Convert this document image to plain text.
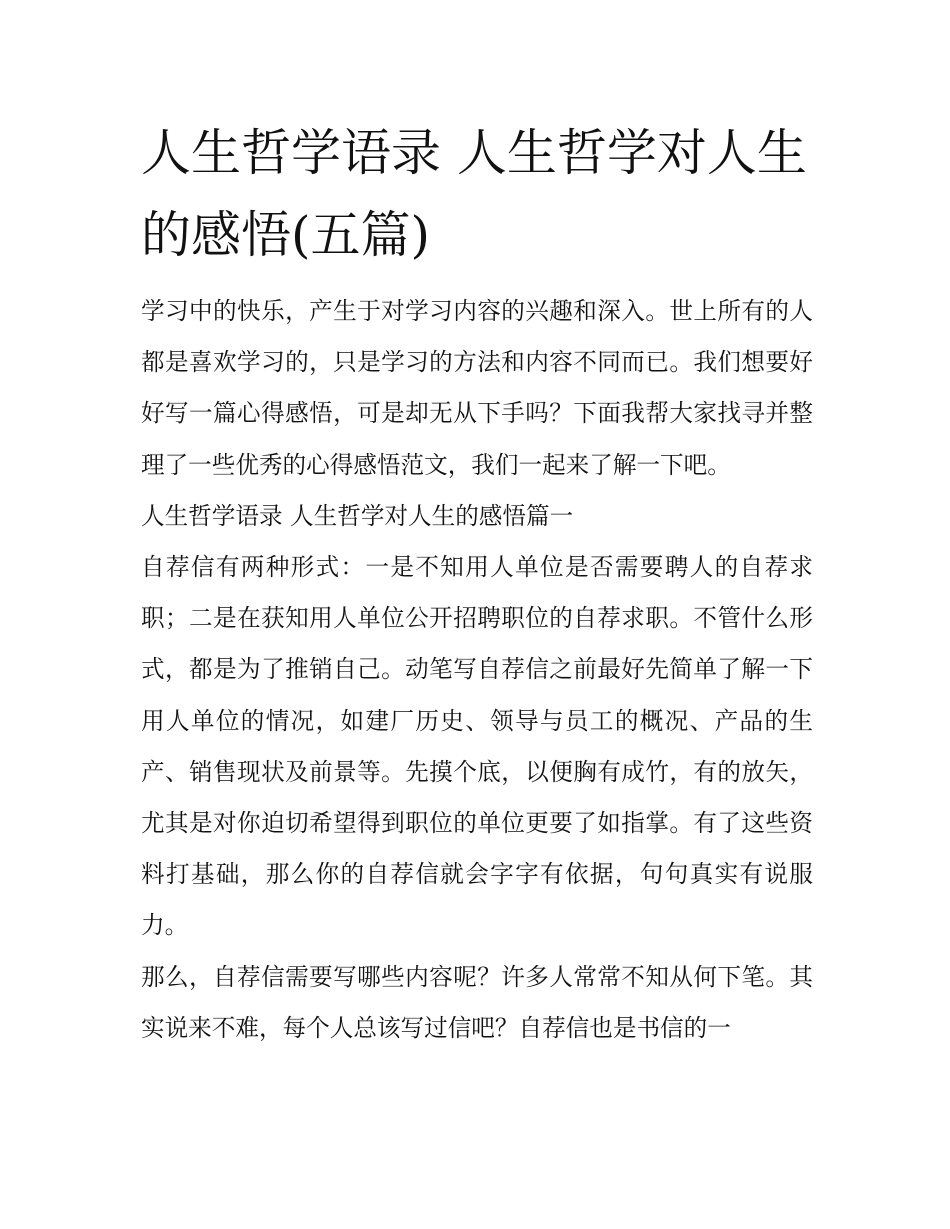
人生哲学语录 人生哲学对人生的感悟(五篇)

学习中的快乐，产生于对学习内容的兴趣和深入。世上所有的人都是喜欢学习的，只是学习的方法和内容不同而已。我们想要好好写一篇心得感悟，可是却无从下手吗？下面我帮大家找寻并整理了一些优秀的心得感悟范文，我们一起来了解一下吧。

人生哲学语录 人生哲学对人生的感悟篇一

自荐信有两种形式：一是不知用人单位是否需要聘人的自荐求职；二是在获知用人单位公开招聘职位的自荐求职。不管什么形式，都是为了推销自己。动笔写自荐信之前最好先简单了解一下用人单位的情况，如建厂历史、领导与员工的概况、产品的生产、销售现状及前景等。先摸个底，以便胸有成竹，有的放矢，尤其是对你迫切希望得到职位的单位更要了如指掌。有了这些资料打基础，那么你的自荐信就会字字有依据，句句真实有说服力。

那么，自荐信需要写哪些内容呢？许多人常常不知从何下笔。其实说来不难，每个人总该写过信吧？自荐信也是书信的一
